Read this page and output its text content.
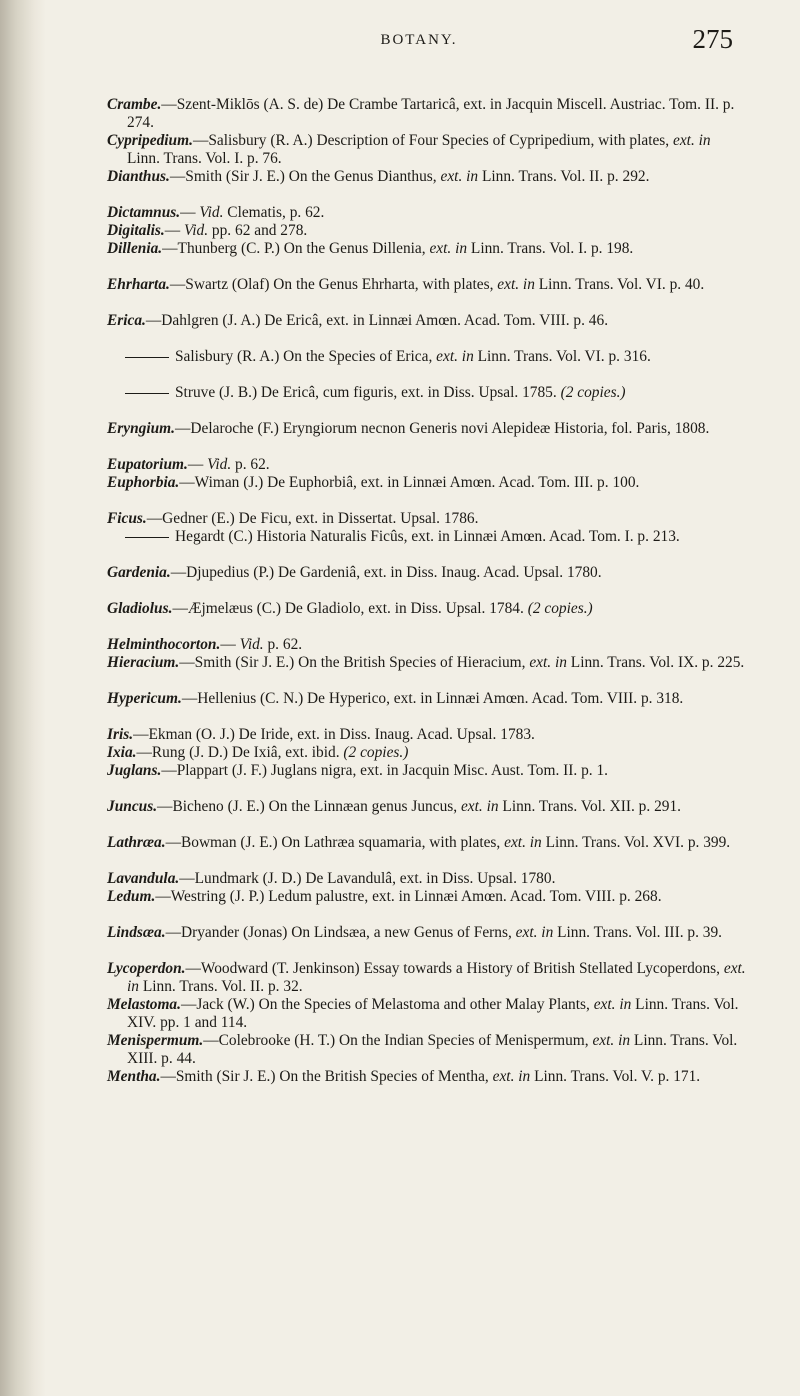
BOTANY.	275

Crambe.—Szent-Miklōs (A. S. de) De Crambe Tartaricâ, ext. in Jacquin Miscell. Austriac. Tom. II. p. 274.

Cypripedium.—Salisbury (R. A.) Description of Four Species of Cypripedium, with plates, ext. in Linn. Trans. Vol. I. p. 76.

Dianthus.—Smith (Sir J. E.) On the Genus Dianthus, ext. in Linn. Trans. Vol. II. p. 292.

Dictamnus.— Vid. Clematis, p. 62.

Digitalis.— Vid. pp. 62 and 278.

Dillenia.—Thunberg (C. P.) On the Genus Dillenia, ext. in Linn. Trans. Vol. I. p. 198.

Ehrharta.—Swartz (Olaf) On the Genus Ehrharta, with plates, ext. in Linn. Trans. Vol. VI. p. 40.

Erica.—Dahlgren (J. A.) De Ericâ, ext. in Linnæi Amœn. Acad. Tom. VIII. p. 46.

Salisbury (R. A.) On the Species of Erica, ext. in Linn. Trans. Vol. VI. p. 316.

Struve (J. B.) De Ericâ, cum figuris, ext. in Diss. Upsal. 1785. (2 copies.)

Eryngium.—Delaroche (F.) Eryngiorum necnon Generis novi Alepideæ Historia, fol. Paris, 1808.

Eupatorium.— Vid. p. 62.

Euphorbia.—Wiman (J.) De Euphorbiâ, ext. in Linnæi Amœn. Acad. Tom. III. p. 100.

Ficus.—Gedner (E.) De Ficu, ext. in Dissertat. Upsal. 1786.

Hegardt (C.) Historia Naturalis Ficûs, ext. in Linnæi Amœn. Acad. Tom. I. p. 213.

Gardenia.—Djupedius (P.) De Gardeniâ, ext. in Diss. Inaug. Acad. Upsal. 1780.

Gladiolus.—Æjmelæus (C.) De Gladiolo, ext. in Diss. Upsal. 1784. (2 copies.)

Helminthocorton.— Vid. p. 62.

Hieracium.—Smith (Sir J. E.) On the British Species of Hieracium, ext. in Linn. Trans. Vol. IX. p. 225.

Hypericum.—Hellenius (C. N.) De Hyperico, ext. in Linnæi Amœn. Acad. Tom. VIII. p. 318.

Iris.—Ekman (O. J.) De Iride, ext. in Diss. Inaug. Acad. Upsal. 1783.

Ixia.—Rung (J. D.) De Ixiâ, ext. ibid. (2 copies.)

Juglans.—Plappart (J. F.) Juglans nigra, ext. in Jacquin Misc. Aust. Tom. II. p. 1.

Juncus.—Bicheno (J. E.) On the Linnæan genus Juncus, ext. in Linn. Trans. Vol. XII. p. 291.

Lathræa.—Bowman (J. E.) On Lathræa squamaria, with plates, ext. in Linn. Trans. Vol. XVI. p. 399.

Lavandula.—Lundmark (J. D.) De Lavandulâ, ext. in Diss. Upsal. 1780.

Ledum.—Westring (J. P.) Ledum palustre, ext. in Linnæi Amœn. Acad. Tom. VIII. p. 268.

Lindsæa.—Dryander (Jonas) On Lindsæa, a new Genus of Ferns, ext. in Linn. Trans. Vol. III. p. 39.

Lycoperdon.—Woodward (T. Jenkinson) Essay towards a History of British Stellated Lycoperdons, ext. in Linn. Trans. Vol. II. p. 32.

Melastoma.—Jack (W.) On the Species of Melastoma and other Malay Plants, ext. in Linn. Trans. Vol. XIV. pp. 1 and 114.

Menispermum.—Colebrooke (H. T.) On the Indian Species of Menispermum, ext. in Linn. Trans. Vol. XIII. p. 44.

Mentha.—Smith (Sir J. E.) On the British Species of Mentha, ext. in Linn. Trans. Vol. V. p. 171.
